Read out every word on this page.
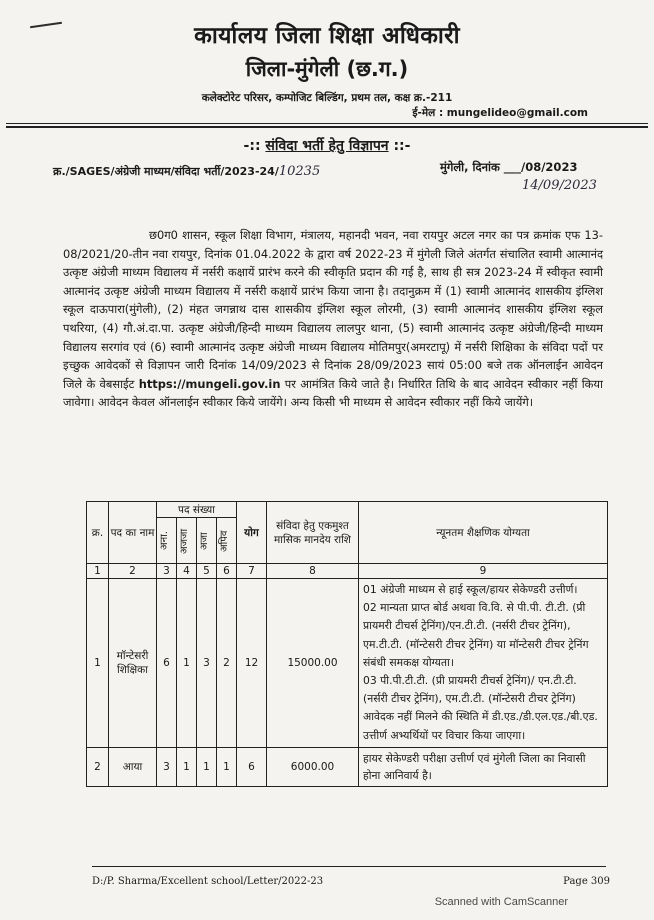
कार्यालय जिला शिक्षा अधिकारी
जिला-मुंगेली (छ.ग.)
कलेक्टोरेट परिसर, कम्पोजिट बिल्डिंग, प्रथम तल, कक्ष क्र.-211
ई-मेल : mungelideo@gmail.com
-:: संविदा भर्ती हेतु विज्ञापन ::-
क्र./SAGES/अंग्रेजी माध्यम/संविदा भर्ती/2023-24/10235	मुंगेली, दिनांक ___/08/2023
14/09/2023
छ0ग0 शासन, स्कूल शिक्षा विभाग, मंत्रालय, महानदी भवन, नवा रायपुर अटल नगर का पत्र क्रमांक एफ 13-08/2021/20-तीन नवा रायपुर, दिनांक 01.04.2022 के द्वारा वर्ष 2022-23 में मुंगेली जिले अंतर्गत संचालित स्वामी आत्मानंद उत्कृष्ट अंग्रेजी माध्यम विद्यालय में नर्सरी कक्षायें प्रारंभ करने की स्वीकृति प्रदान की गई है, साथ ही सत्र 2023-24 में स्वीकृत स्वामी आत्मानंद उत्कृष्ट अंग्रेजी माध्यम विद्यालय में नर्सरी कक्षायें प्रारंभ किया जाना है। तदानुक्रम में (1) स्वामी आत्मानंद शासकीय इंग्लिश स्कूल दाऊपारा(मुंगेली), (2) मंहत जगन्नाथ दास शासकीय इंग्लिश स्कूल लोरमी, (3) स्वामी आत्मानंद शासकीय इंग्लिश स्कूल पथरिया, (4) गौ.अं.दा.पा. उत्कृष्ट अंग्रेजी/हिन्दी माध्यम विद्यालय लालपुर थाना, (5) स्वामी आत्मानंद उत्कृष्ट अंग्रेजी/हिन्दी माध्यम विद्यालय सरगांव एवं (6) स्वामी आत्मानंद उत्कृष्ट अंग्रेजी माध्यम विद्यालय मोतिमपुर(अमरटापू) में नर्सरी शिक्षिका के संविदा पदों पर इच्छुक आवेदकों से विज्ञापन जारी दिनांक 14/09/2023 से दिनांक 28/09/2023 सायं 05:00 बजे तक ऑनलाईन आवेदन जिले के वेबसाईट https://mungeli.gov.in पर आमंत्रित किये जाते है। निर्धारित तिथि के बाद आवेदन स्वीकार नहीं किया जावेगा। आवेदन केवल ऑनलाईन स्वीकार किये जायेंगे। अन्य किसी भी माध्यम से आवेदन स्वीकार नहीं किये जायेंगे।
क्र.	पद का नाम	पद संख्या				योग	संविदा हेतु एकमुश्त मासिक मानदेय राशि	न्यूनतम शैक्षणिक योग्यता

		अना.	अजजा	अजा	अपिव			

1	2	3	4	5	6	7	8	9
1	मॉन्टेसरी शिक्षिका	6	1	3	2	12	15000.00	01 अंग्रेजी माध्यम से हाई स्कूल/हायर सेकेण्डरी उत्तीर्ण।
02 मान्यता प्राप्त बोर्ड अथवा वि.वि. से पी.पी. टी.टी. (प्री प्रायमरी टीचर्स ट्रेनिंग)/एन.टी.टी. (नर्सरी टीचर ट्रेनिंग), एम.टी.टी. (मॉन्टेसरी टीचर ट्रेनिंग) या मॉन्टेसरी टीचर ट्रेनिंग संबंधी समकक्ष योग्यता।
03 पी.पी.टी.टी. (प्री प्रायमरी टीचर्स ट्रेनिंग)/ एन.टी.टी. (नर्सरी टीचर ट्रेनिंग), एम.टी.टी. (मॉन्टेसरी टीचर ट्रेनिंग) आवेदक नहीं मिलने की स्थिति में डी.एड./डी.एल.एड./बी.एड. उत्तीर्ण अभ्यर्थियों पर विचार किया जाएगा।

2	आया	3	1	1	1	6	6000.00	हायर सेकेण्डरी परीक्षा उत्तीर्ण एवं मुंगेली जिला का निवासी होना आनिवार्य है।
D:/P. Sharma/Excellent school/Letter/2022-23	Page 309
Scanned with CamScanner
